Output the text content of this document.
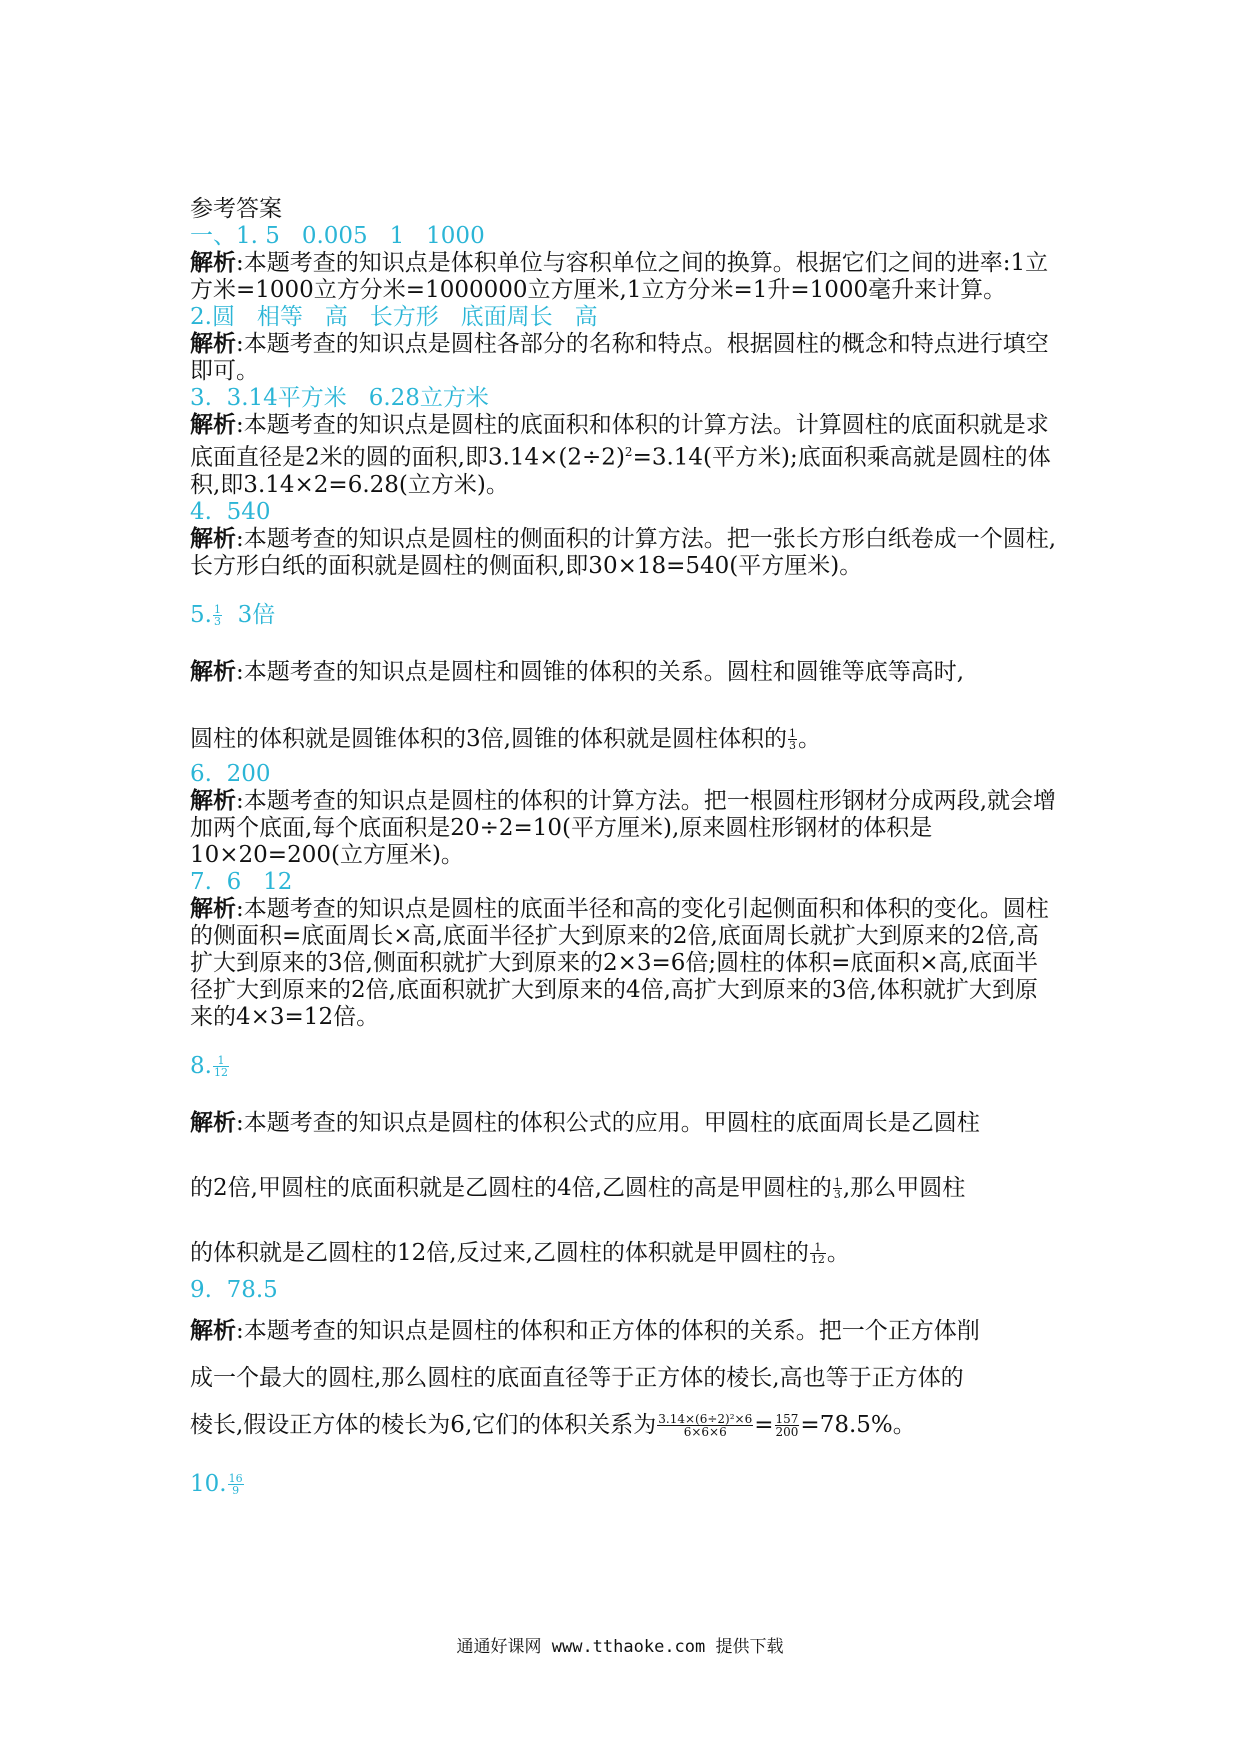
参考答案
一、1. 5   0.005   1   1000
解析:本题考查的知识点是体积单位与容积单位之间的换算。根据它们之间的进率:1立方米=1000立方分米=1000000立方厘米,1立方分米=1升=1000毫升来计算。
2.圆   相等   高   长方形   底面周长   高
解析:本题考查的知识点是圆柱各部分的名称和特点。根据圆柱的概念和特点进行填空即可。
3.  3.14平方米   6.28立方米
解析:本题考查的知识点是圆柱的底面积和体积的计算方法。计算圆柱的底面积就是求底面直径是2米的圆的面积,即$3.14\times(2\div 2)^2=3.14$(平方米);底面积乘高就是圆柱的体积,即3.14×2=6.28(立方米)。
4.  540
解析:本题考查的知识点是圆柱的侧面积的计算方法。把一张长方形白纸卷成一个圆柱,长方形白纸的面积就是圆柱的侧面积,即30×18=540(平方厘米)。
5. $\frac{1}{3} 3$倍
解析:本题考查的知识点是圆柱和圆锥的体积的关系。圆柱和圆锥等底等高时,
圆柱的体积就是圆锥体积的3倍,圆锥的体积就是圆柱体积的 $\frac{1}{3}$ 。
6.  200
解析:本题考查的知识点是圆柱的体积的计算方法。把一根圆柱形钢材分成两段,就会增加两个底面,每个底面积是20÷2=10(平方厘米),原来圆柱形钢材的体积是10×20=200(立方厘米)。
7.  6   12
解析:本题考查的知识点是圆柱的底面半径和高的变化引起侧面积和体积的变化。圆柱的侧面积=底面周长×高,底面半径扩大到原来的2倍,底面周长就扩大到原来的2倍,高扩大到原来的3倍,侧面积就扩大到原来的2×3=6倍;圆柱的体积=底面积×高,底面半径扩大到原来的2倍,底面积就扩大到原来的4倍,高扩大到原来的3倍,体积就扩大到原来的4×3=12倍。
8. $\frac{1}{12}$
解析:本题考查的知识点是圆柱的体积公式的应用。甲圆柱的底面周长是乙圆柱
的2倍,甲圆柱的底面积就是乙圆柱的4倍,乙圆柱的高是甲圆柱的 $\frac{1}{3}$ ,那么甲圆柱
的体积就是乙圆柱的12倍,反过来,乙圆柱的体积就是甲圆柱的 $\frac{1}{12}$ 。
9.  78.5
解析:本题考查的知识点是圆柱的体积和正方体的体积的关系。把一个正方体削
成一个最大的圆柱,那么圆柱的底面直径等于正方体的棱长,高也等于正方体的
棱长,假设正方体的棱长为6,它们的体积关系为 $\frac{\text{3.14×(6÷2)²×6}}{6\times 6\times 6} = \frac{157}{200} =78.5\%$。
10. $\frac{16}{9}$
通通好课网 www.tthaoke.com 提供下载
